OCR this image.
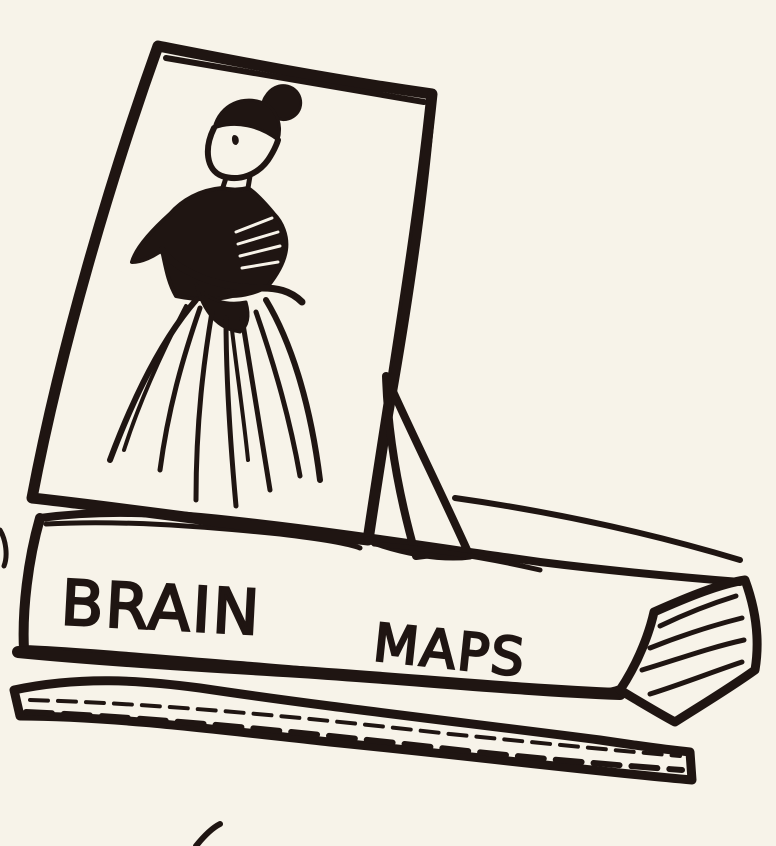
BRAIN
MAPS
